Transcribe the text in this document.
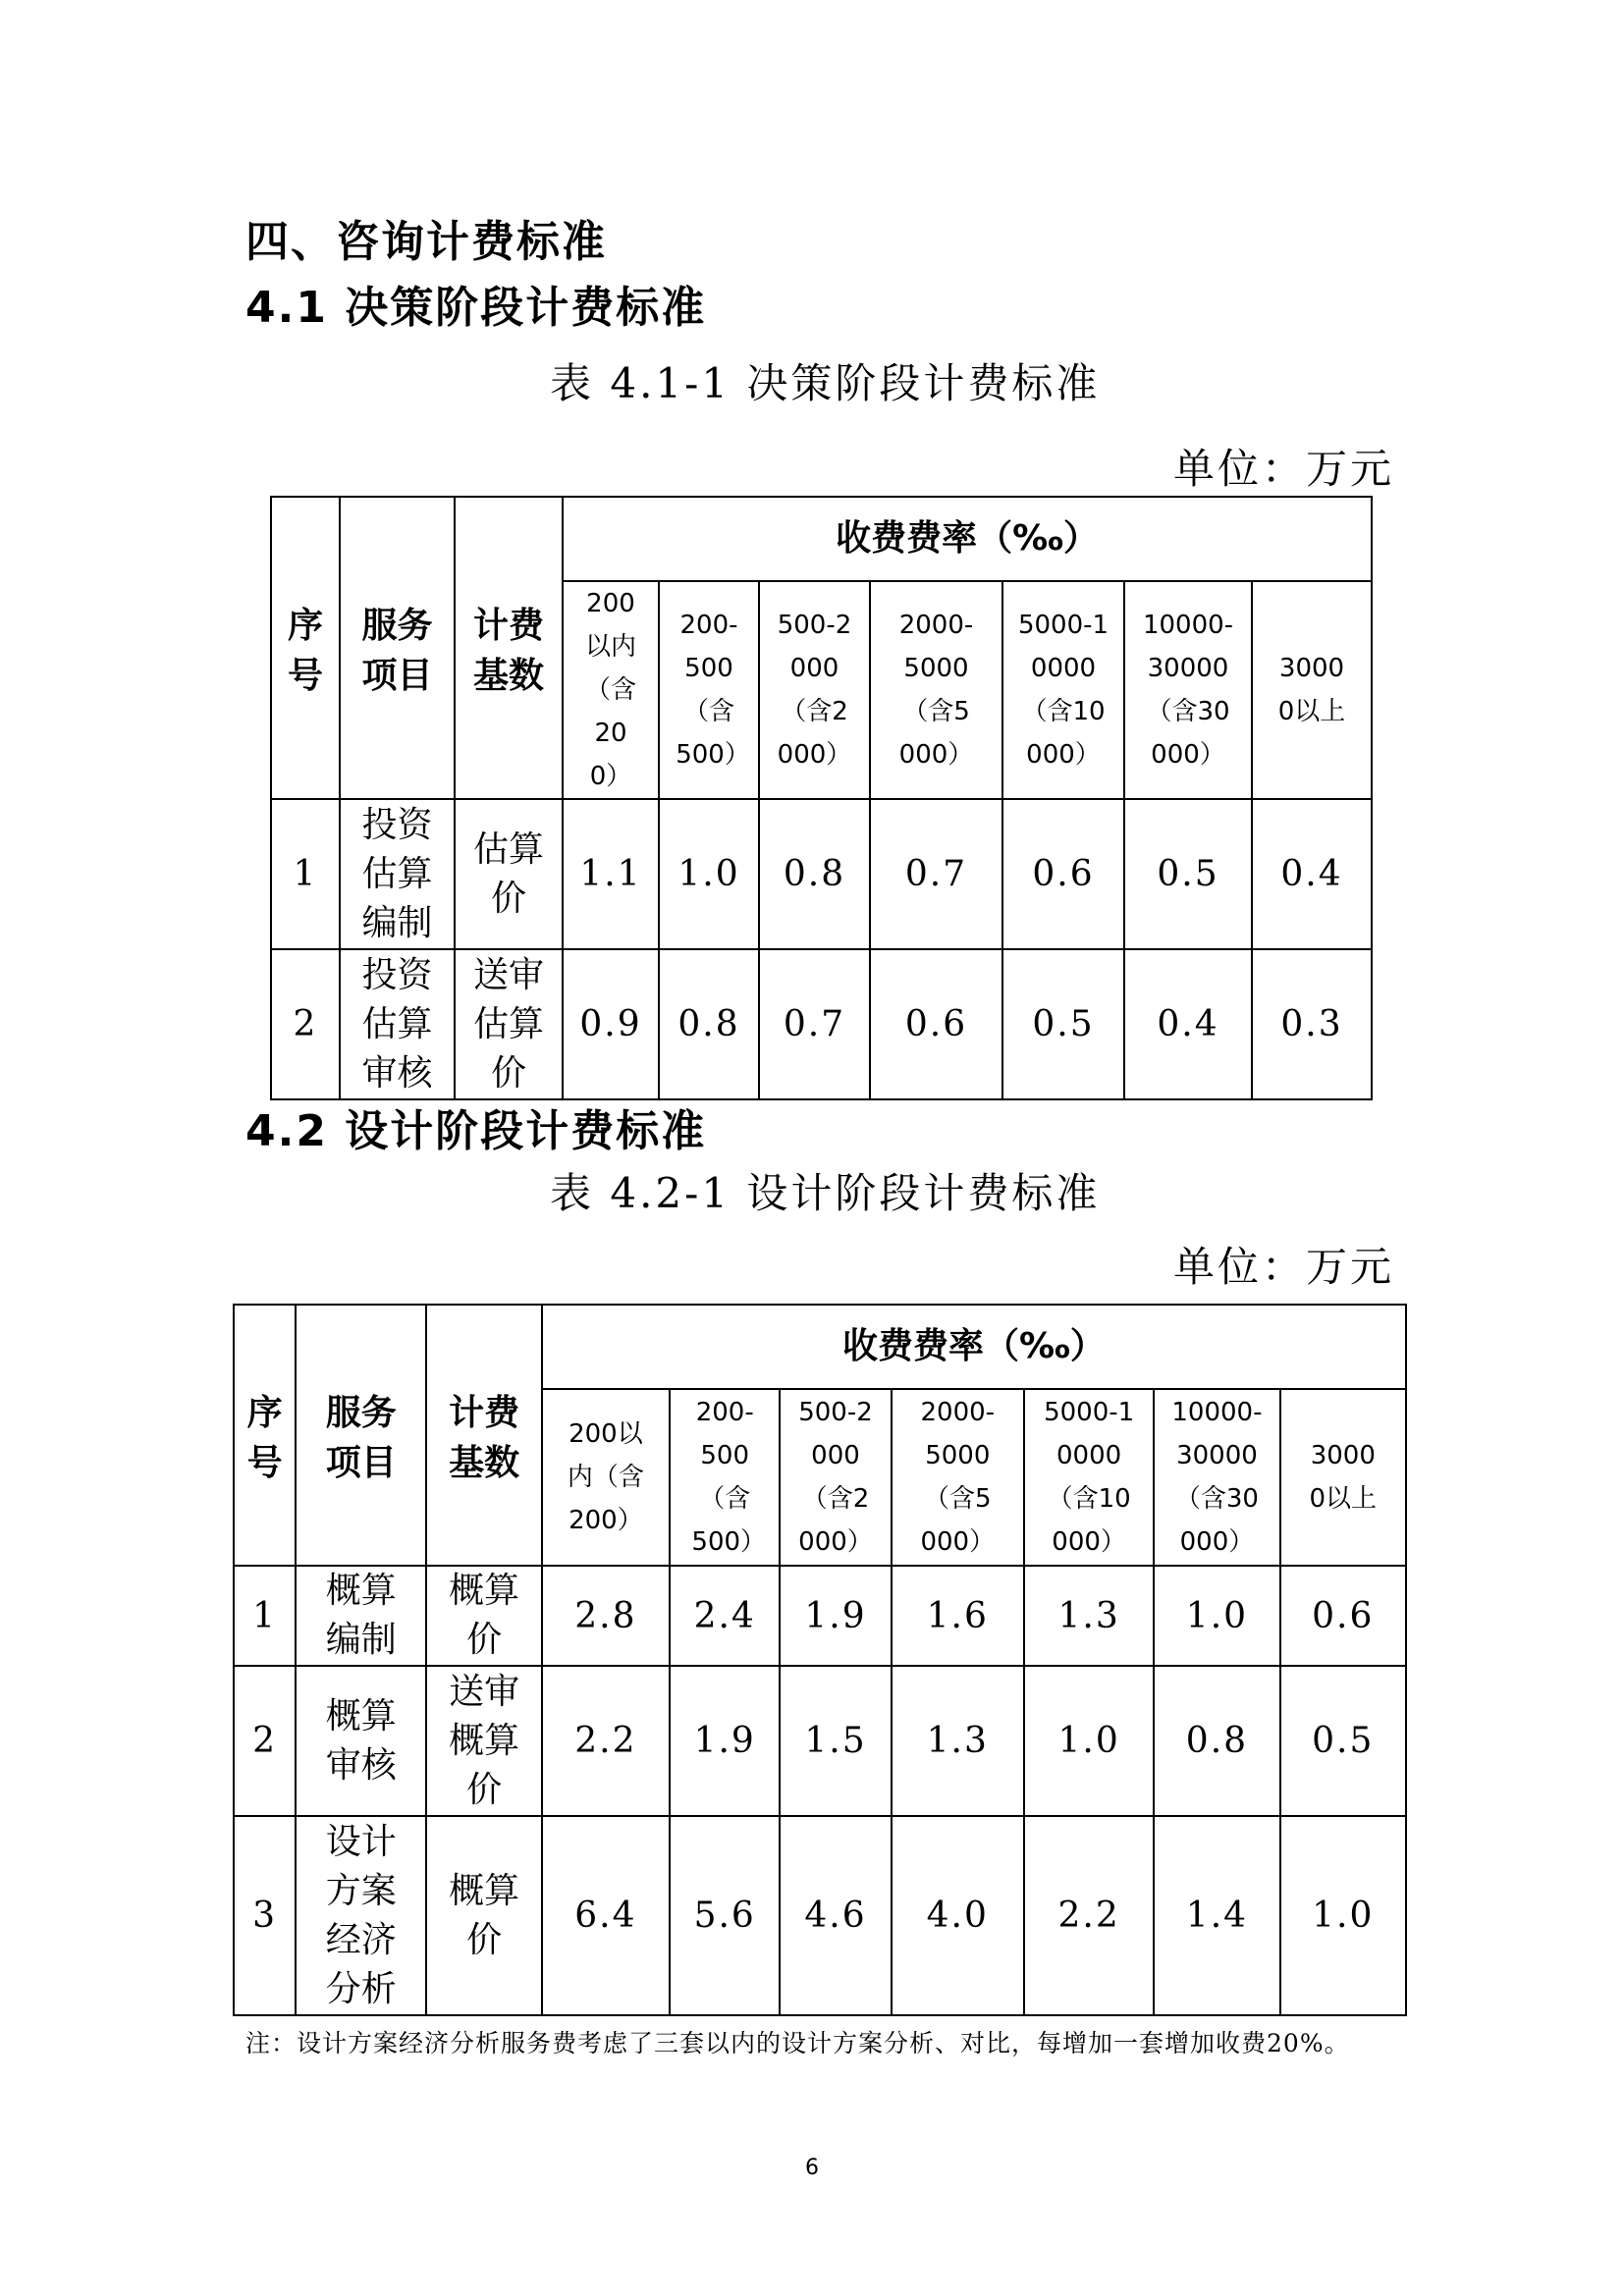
四、咨询计费标准
4.1 决策阶段计费标准
表 4.1-1 决策阶段计费标准
单位：万元
序号	服务项目	计费基数	收费费率（‰）						
			200以内（含200）	200-500（含500）	500-2000（含2000）	2000-5000（含5000）	5000-10000（含10000）	10000-30000（含30000）	30000以上
1	投资估算编制	估算价	1.1	1.0	0.8	0.7	0.6	0.5	0.4
2	投资估算审核	送审估算价	0.9	0.8	0.7	0.6	0.5	0.4	0.3
4.2 设计阶段计费标准
表 4.2-1 设计阶段计费标准
单位：万元
序号	服务项目	计费基数	收费费率（‰）						
			200以内（含200）	200-500（含500）	500-2000（含2000）	2000-5000（含5000）	5000-10000（含10000）	10000-30000（含30000）	30000以上
1	概算编制	概算价	2.8	2.4	1.9	1.6	1.3	1.0	0.6
2	概算审核	送审概算价	2.2	1.9	1.5	1.3	1.0	0.8	0.5
3	设计方案经济分析	概算价	6.4	5.6	4.6	4.0	2.2	1.4	1.0
注：设计方案经济分析服务费考虑了三套以内的设计方案分析、对比，每增加一套增加收费20%。
6
